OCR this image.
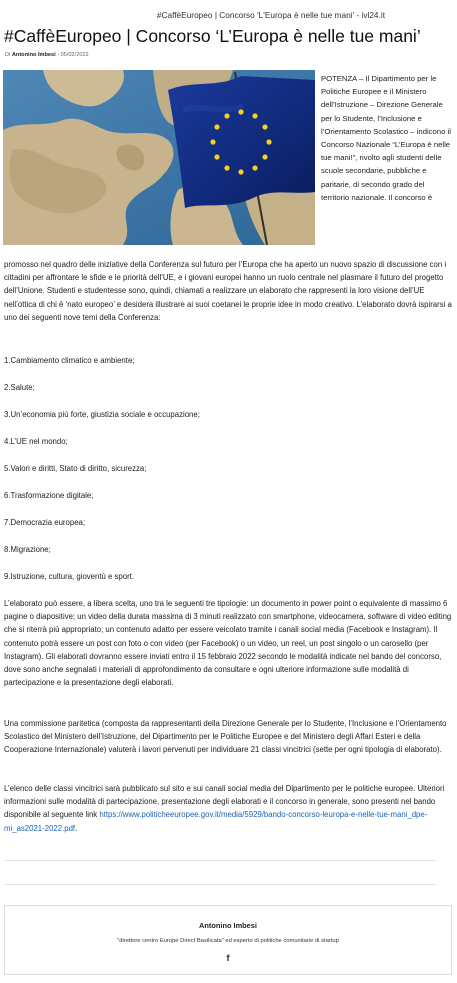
#CaffèEuropeo | Concorso 'L'Europa è nelle tue mani' - ivl24.it
#CaffèEuropeo | Concorso ‘L’Europa è nelle tue mani’
Di Antonino Imbesi - 05/02/2022
POTENZA – Il Dipartimento per le Politiche Europee e il Ministero dell’Istruzione – Direzione Generale per lo Studente, l’Inclusione e l’Orientamento Scolastico – indicono il Concorso Nazionale “L’Europa è nelle tue mani!”, rivolto agli studenti delle scuole secondarie, pubbliche e paritarie, di secondo grado del territorio nazionale. Il concorso è
promosso nel quadro delle iniziative della Conferenza sul futuro per l’Europa che ha aperto un nuovo spazio di discussione con i cittadini per affrontare le sfide e le priorità dell’UE, e i giovani europei hanno un ruolo centrale nel plasmare il futuro del progetto dell’Unione. Studenti e studentesse sono, quindi, chiamati a realizzare un elaborato che rappresenti la loro visione dell’UE nell’ottica di chi è ‘nato europeo’ e desidera illustrare ai suoi coetanei le proprie idee in modo creativo. L’elaborato dovrà ispirarsi a uno dei seguenti nove temi della Conferenza:
1.Cambiamento climatico e ambiente;
2.Salute;
3.Un’economia più forte, giustizia sociale e occupazione;
4.L’UE nel mondo;
5.Valori e diritti, Stato di diritto, sicurezza;
6.Trasformazione digitale;
7.Democrazia europea;
8.Migrazione;
9.Istruzione, cultura, gioventù e sport.
L’elaborato può essere, a libera scelta, uno tra le seguenti tre tipologie: un documento in power point o equivalente di massimo 6 pagine o diapositive; un video della durata massima di 3 minuti realizzato con smartphone, videocamera, software di video editing che si riterrà più appropriato; un contenuto adatto per essere veicolato tramite i canali social media (Facebook e Instagram). Il contenuto potrà essere un post con foto o con video (per Facebook) o un video, un reel, un post singolo o un carosello (per Instagram). Gli elaborati dovranno essere inviati entro il 15 febbraio 2022 secondo le modalità indicate nel bando del concorso, dove sono anche segnalati i materiali di approfondimento da consultare e ogni ulteriore informazione sulle modalità di partecipazione e la presentazione degli elaborati.
Una commissione paritetica (composta da rappresentanti della Direzione Generale per lo Studente, l’Inclusione e l’Orientamento Scolastico del Ministero dell’Istruzione, del Dipartimento per le Politiche Europee e del Ministero degli Affari Esteri e della Cooperazione Internazionale) valuterà i lavori pervenuti per individuare 21 classi vincitrici (sette per ogni tipologia di elaborato).
L’elenco delle classi vincitrici sarà pubblicato sul sito e sui canali social media del Dipartimento per le politiche europee. Ulteriori informazioni sulle modalità di partecipazione, presentazione degli elaborati e il concorso in generale, sono presenti nel bando disponibile al seguente link https://www.politicheeuropee.gov.it/media/5929/bando-concorso-leuropa-e-nelle-tue-mani_dpe-mi_as2021-2022.pdf.
Antonino Imbesi
"direttore centro Europe Direct Basilicata" ed esperto di politiche comunitarie di startup
f
